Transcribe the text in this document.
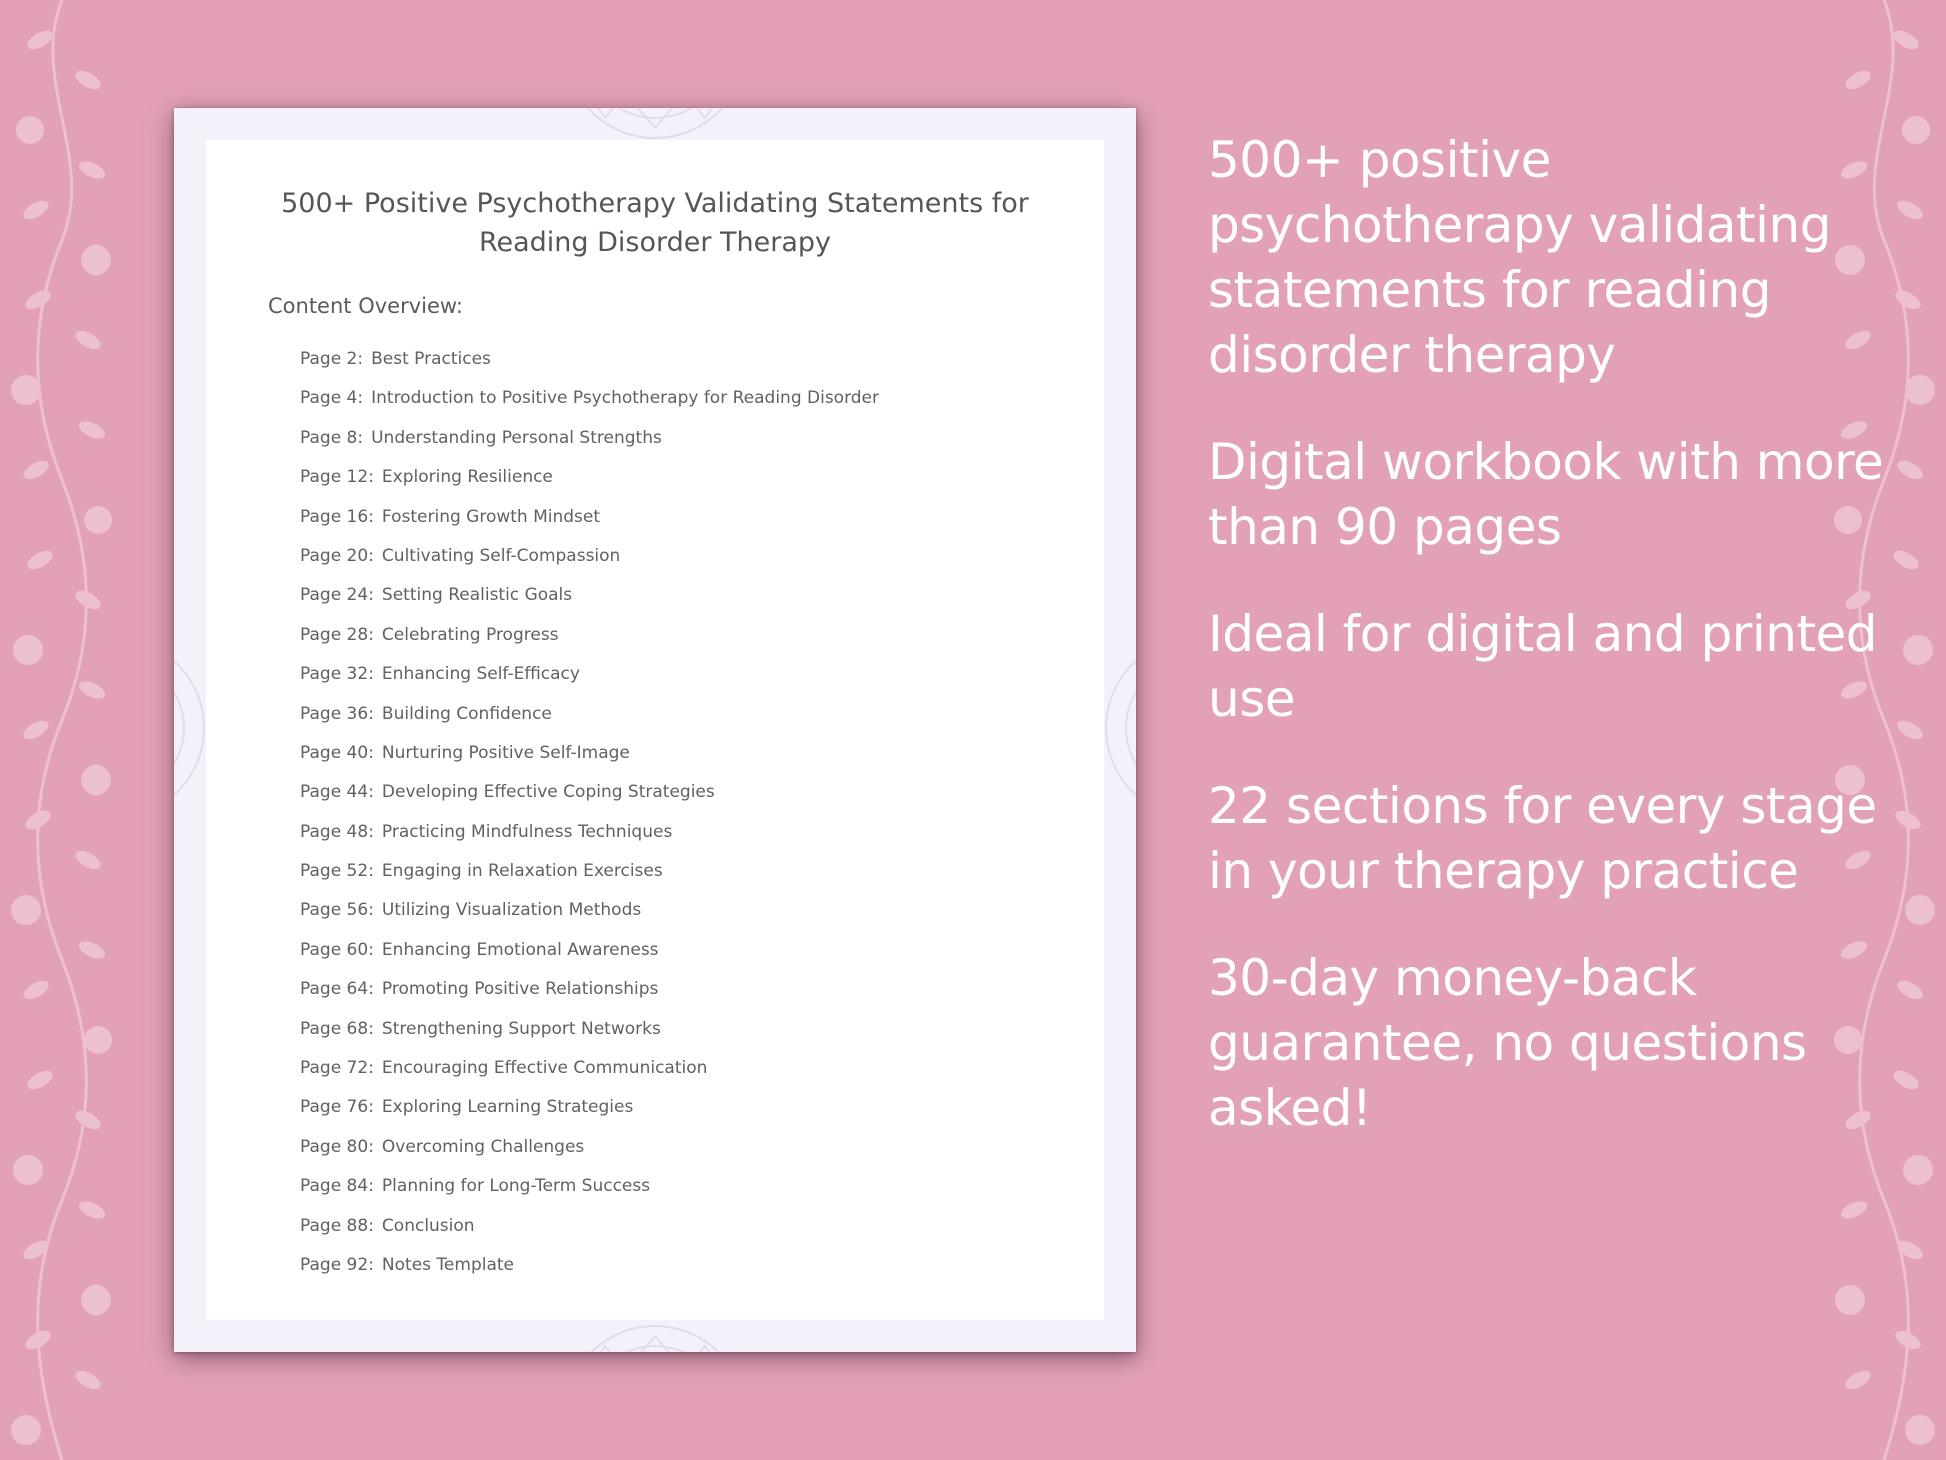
500+ Positive Psychotherapy Validating Statements for Reading Disorder Therapy
Content Overview:
Page 2: Best Practices
Page 4: Introduction to Positive Psychotherapy for Reading Disorder
Page 8: Understanding Personal Strengths
Page 12: Exploring Resilience
Page 16: Fostering Growth Mindset
Page 20: Cultivating Self-Compassion
Page 24: Setting Realistic Goals
Page 28: Celebrating Progress
Page 32: Enhancing Self-Efficacy
Page 36: Building Confidence
Page 40: Nurturing Positive Self-Image
Page 44: Developing Effective Coping Strategies
Page 48: Practicing Mindfulness Techniques
Page 52: Engaging in Relaxation Exercises
Page 56: Utilizing Visualization Methods
Page 60: Enhancing Emotional Awareness
Page 64: Promoting Positive Relationships
Page 68: Strengthening Support Networks
Page 72: Encouraging Effective Communication
Page 76: Exploring Learning Strategies
Page 80: Overcoming Challenges
Page 84: Planning for Long-Term Success
Page 88: Conclusion
Page 92: Notes Template

500+ positive psychotherapy validating statements for reading disorder therapy

Digital workbook with more than 90 pages

Ideal for digital and printed use

22 sections for every stage in your therapy practice

30-day money-back guarantee, no questions asked!
